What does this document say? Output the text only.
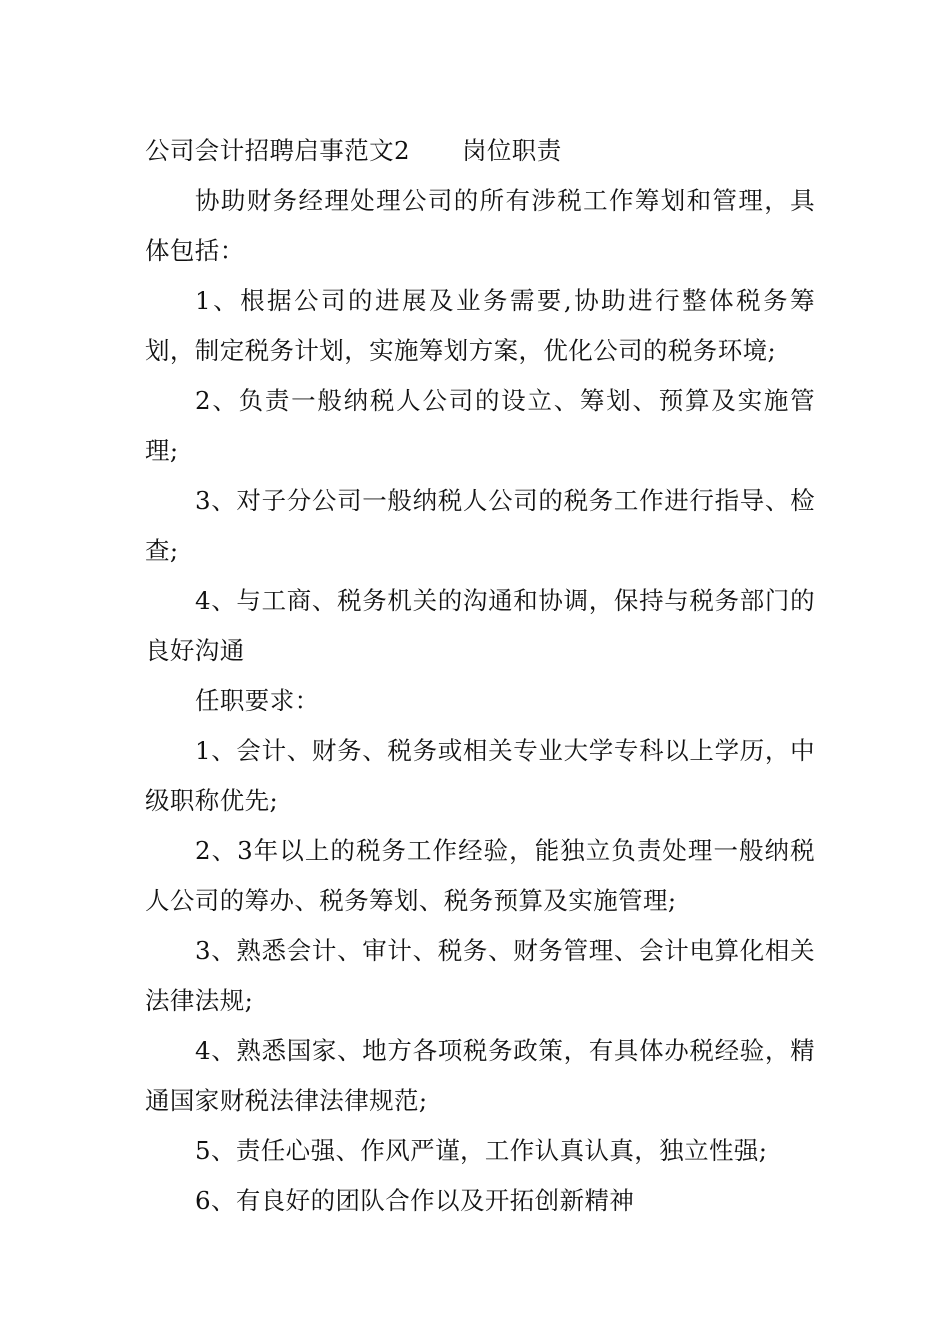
公司会计招聘启事范文2 岗位职责

协助财务经理处理公司的所有涉税工作筹划和管理，具体包括：

1、根据公司的进展及业务需要,协助进行整体税务筹划，制定税务计划，实施筹划方案，优化公司的税务环境;

2、负责一般纳税人公司的设立、筹划、预算及实施管理;

3、对子分公司一般纳税人公司的税务工作进行指导、检查;

4、与工商、税务机关的沟通和协调，保持与税务部门的良好沟通

任职要求：

1、会计、财务、税务或相关专业大学专科以上学历，中级职称优先;

2、3年以上的税务工作经验，能独立负责处理一般纳税人公司的筹办、税务筹划、税务预算及实施管理;

3、熟悉会计、审计、税务、财务管理、会计电算化相关法律法规;

4、熟悉国家、地方各项税务政策，有具体办税经验，精通国家财税法律法律规范;

5、责任心强、作风严谨，工作认真认真，独立性强;

6、有良好的团队合作以及开拓创新精神
